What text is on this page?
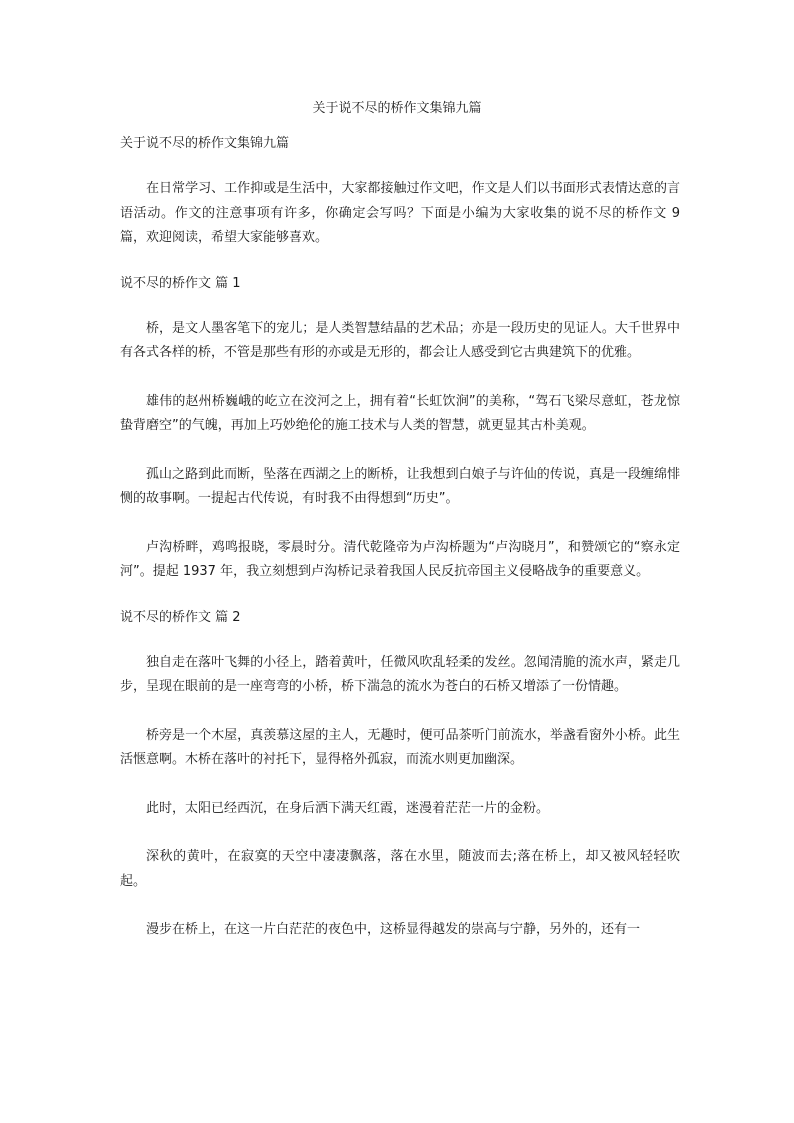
关于说不尽的桥作文集锦九篇
关于说不尽的桥作文集锦九篇

在日常学习、工作抑或是生活中，大家都接触过作文吧，作文是人们以书面形式表情达意的言语活动。作文的注意事项有许多，你确定会写吗？下面是小编为大家收集的说不尽的桥作文 9 篇，欢迎阅读，希望大家能够喜欢。

说不尽的桥作文 篇 1

桥，是文人墨客笔下的宠儿；是人类智慧结晶的艺术品；亦是一段历史的见证人。大千世界中有各式各样的桥，不管是那些有形的亦或是无形的，都会让人感受到它古典建筑下的优雅。

雄伟的赵州桥巍峨的屹立在洨河之上，拥有着“长虹饮涧”的美称，“驾石飞梁尽意虹，苍龙惊蛰背磨空”的气魄，再加上巧妙绝伦的施工技术与人类的智慧，就更显其古朴美观。

孤山之路到此而断，坠落在西湖之上的断桥，让我想到白娘子与许仙的传说，真是一段缠绵悱恻的故事啊。一提起古代传说，有时我不由得想到“历史”。

卢沟桥畔，鸡鸣报晓，零晨时分。清代乾隆帝为卢沟桥题为“卢沟晓月”，和赞颂它的“察永定河”。提起 1937 年，我立刻想到卢沟桥记录着我国人民反抗帝国主义侵略战争的重要意义。

说不尽的桥作文 篇 2

独自走在落叶飞舞的小径上，踏着黄叶，任微风吹乱轻柔的发丝。忽闻清脆的流水声，紧走几步，呈现在眼前的是一座弯弯的小桥，桥下湍急的流水为苍白的石桥又增添了一份情趣。

桥旁是一个木屋，真羡慕这屋的主人，无趣时，便可品茶听门前流水，举盏看窗外小桥。此生活惬意啊。木桥在落叶的衬托下，显得格外孤寂，而流水则更加幽深。

此时，太阳已经西沉，在身后洒下满天红霞，迷漫着茫茫一片的金粉。

深秋的黄叶，在寂寞的天空中凄凄飘落，落在水里，随波而去;落在桥上，却又被风轻轻吹起。

漫步在桥上，在这一片白茫茫的夜色中，这桥显得越发的崇高与宁静，另外的，还有一
